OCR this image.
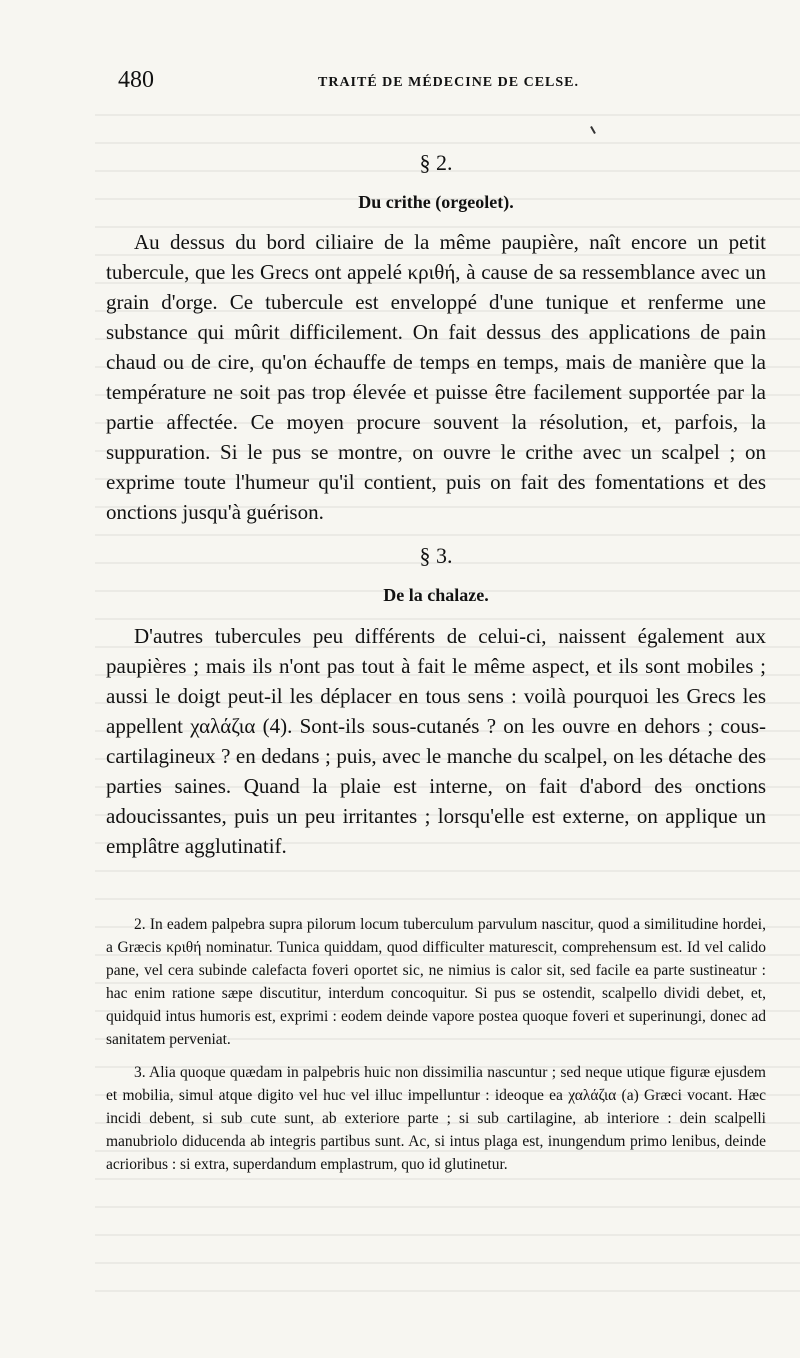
480	TRAITÉ DE MÉDECINE DE CELSE.
§ 2.
Du crithe (orgeolet).

Au dessus du bord ciliaire de la même paupière, naît encore un petit tubercule, que les Grecs ont appelé κριθή, à cause de sa ressemblance avec un grain d'orge. Ce tubercule est enveloppé d'une tunique et renferme une substance qui mûrit difficilement. On fait dessus des applications de pain chaud ou de cire, qu'on échauffe de temps en temps, mais de manière que la température ne soit pas trop élevée et puisse être facilement supportée par la partie affectée. Ce moyen procure souvent la résolution, et, parfois, la suppuration. Si le pus se montre, on ouvre le crithe avec un scalpel ; on exprime toute l'humeur qu'il contient, puis on fait des fomentations et des onctions jusqu'à guérison.

§ 3.
De la chalaze.

D'autres tubercules peu différents de celui-ci, naissent également aux paupières ; mais ils n'ont pas tout à fait le même aspect, et ils sont mobiles ; aussi le doigt peut-il les déplacer en tous sens : voilà pourquoi les Grecs les appellent χαλάζια (4). Sont-ils sous-cutanés ? on les ouvre en dehors ; cous-cartilagineux ? en dedans ; puis, avec le manche du scalpel, on les détache des parties saines. Quand la plaie est interne, on fait d'abord des onctions adoucissantes, puis un peu irritantes ; lorsqu'elle est externe, on applique un emplâtre agglutinatif.

2. In eadem palpebra supra pilorum locum tuberculum parvulum nascitur, quod a similitudine hordei, a Græcis κριθή nominatur. Tunica quiddam, quod difficulter maturescit, comprehensum est. Id vel calido pane, vel cera subinde calefacta foveri oportet sic, ne nimius is calor sit, sed facile ea parte sustineatur : hac enim ratione sæpe discutitur, interdum concoquitur. Si pus se ostendit, scalpello dividi debet, et, quidquid intus humoris est, exprimi : eodem deinde vapore postea quoque foveri et superinungi, donec ad sanitatem perveniat.

3. Alia quoque quædam in palpebris huic non dissimilia nascuntur ; sed neque utique figuræ ejusdem et mobilia, simul atque digito vel huc vel illuc impelluntur : ideoque ea χαλάζια (a) Græci vocant. Hæc incidi debent, si sub cute sunt, ab exteriore parte ; si sub cartilagine, ab interiore : dein scalpelli manubriolo diducenda ab integris partibus sunt. Ac, si intus plaga est, inungendum primo lenibus, deinde acrioribus : si extra, superdandum emplastrum, quo id glutinetur.
